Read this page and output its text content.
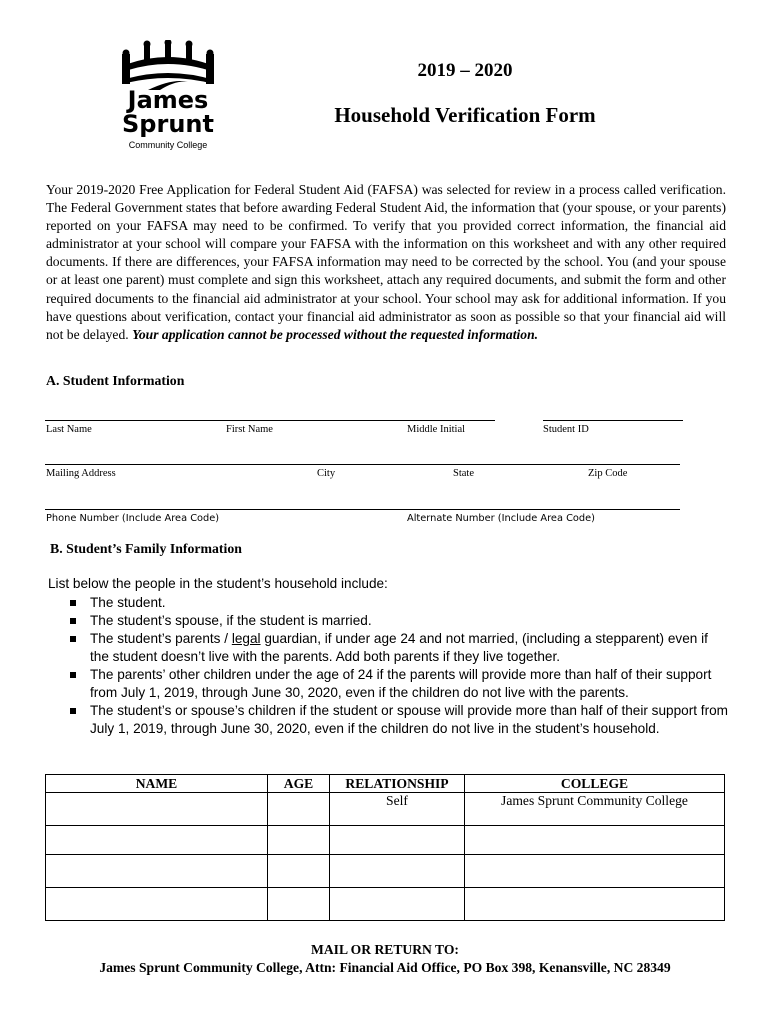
James
Sprunt
Community College
2019 – 2020
Household Verification Form
Your 2019-2020 Free Application for Federal Student Aid (FAFSA) was selected for review in a process called verification. The Federal Government states that before awarding Federal Student Aid, the information that (your spouse, or your parents) reported on your FAFSA may need to be confirmed. To verify that you provided correct information, the financial aid administrator at your school will compare your FAFSA with the information on this worksheet and with any other required documents. If there are differences, your FAFSA information may need to be corrected by the school. You (and your spouse or at least one parent) must complete and sign this worksheet, attach any required documents, and submit the form and other required documents to the financial aid administrator at your school. Your school may ask for additional information. If you have questions about verification, contact your financial aid administrator as soon as possible so that your financial aid will not be delayed. Your application cannot be processed without the requested information.
A. Student Information
Last Name	First Name	Middle Initial	Student ID
Mailing Address	City	State	Zip Code
Phone Number (Include Area Code)	Alternate Number (Include Area Code)
B. Student’s Family Information
List below the people in the student’s household include:
The student.
The student’s spouse, if the student is married.
The student’s parents / legal guardian, if under age 24 and not married, (including a stepparent) even if the student doesn’t live with the parents. Add both parents if they live together.
The parents’ other children under the age of 24 if the parents will provide more than half of their support from July 1, 2019, through June 30, 2020, even if the children do not live with the parents.
The student’s or spouse’s children if the student or spouse will provide more than half of their support from July 1, 2019, through June 30, 2020, even if the children do not live in the student’s household.
NAME	AGE	RELATIONSHIP	COLLEGE
		Self	James Sprunt Community College

MAIL OR RETURN TO:
James Sprunt Community College, Attn: Financial Aid Office, PO Box 398, Kenansville, NC 28349
